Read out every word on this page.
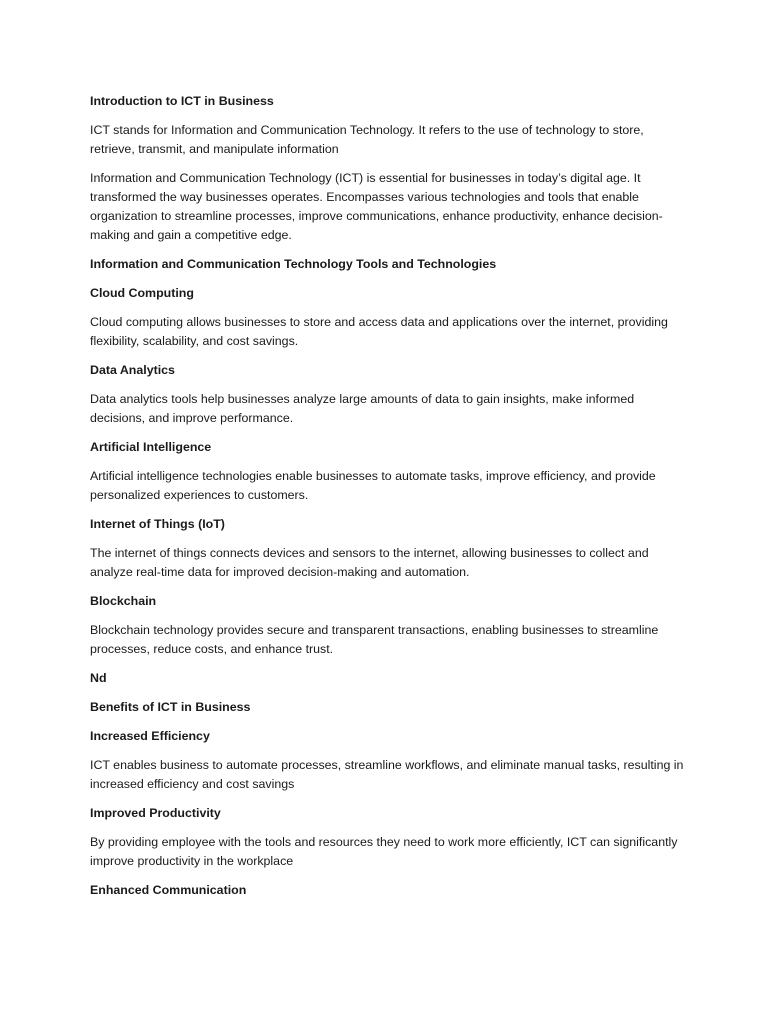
Introduction to ICT in Business

ICT stands for Information and Communication Technology. It refers to the use of technology to store, retrieve, transmit, and manipulate information

Information and Communication Technology (ICT) is essential for businesses in today’s digital age. It transformed the way businesses operates. Encompasses various technologies and tools that enable organization to streamline processes, improve communications, enhance productivity, enhance decision-making and gain a competitive edge.

Information and Communication Technology Tools and Technologies

Cloud Computing

Cloud computing allows businesses to store and access data and applications over the internet, providing flexibility, scalability, and cost savings.

Data Analytics

Data analytics tools help businesses analyze large amounts of data to gain insights, make informed decisions, and improve performance.

Artificial Intelligence

Artificial intelligence technologies enable businesses to automate tasks, improve efficiency, and provide personalized experiences to customers.

Internet of Things (IoT)

The internet of things connects devices and sensors to the internet, allowing businesses to collect and analyze real-time data for improved decision-making and automation.

Blockchain

Blockchain technology provides secure and transparent transactions, enabling businesses to streamline processes, reduce costs, and enhance trust.

Nd

Benefits of ICT in Business

Increased Efficiency

ICT enables business to automate processes, streamline workflows, and eliminate manual tasks, resulting in increased efficiency and cost savings

Improved Productivity

By providing employee with the tools and resources they need to work more efficiently, ICT can significantly improve productivity in the workplace

Enhanced Communication
